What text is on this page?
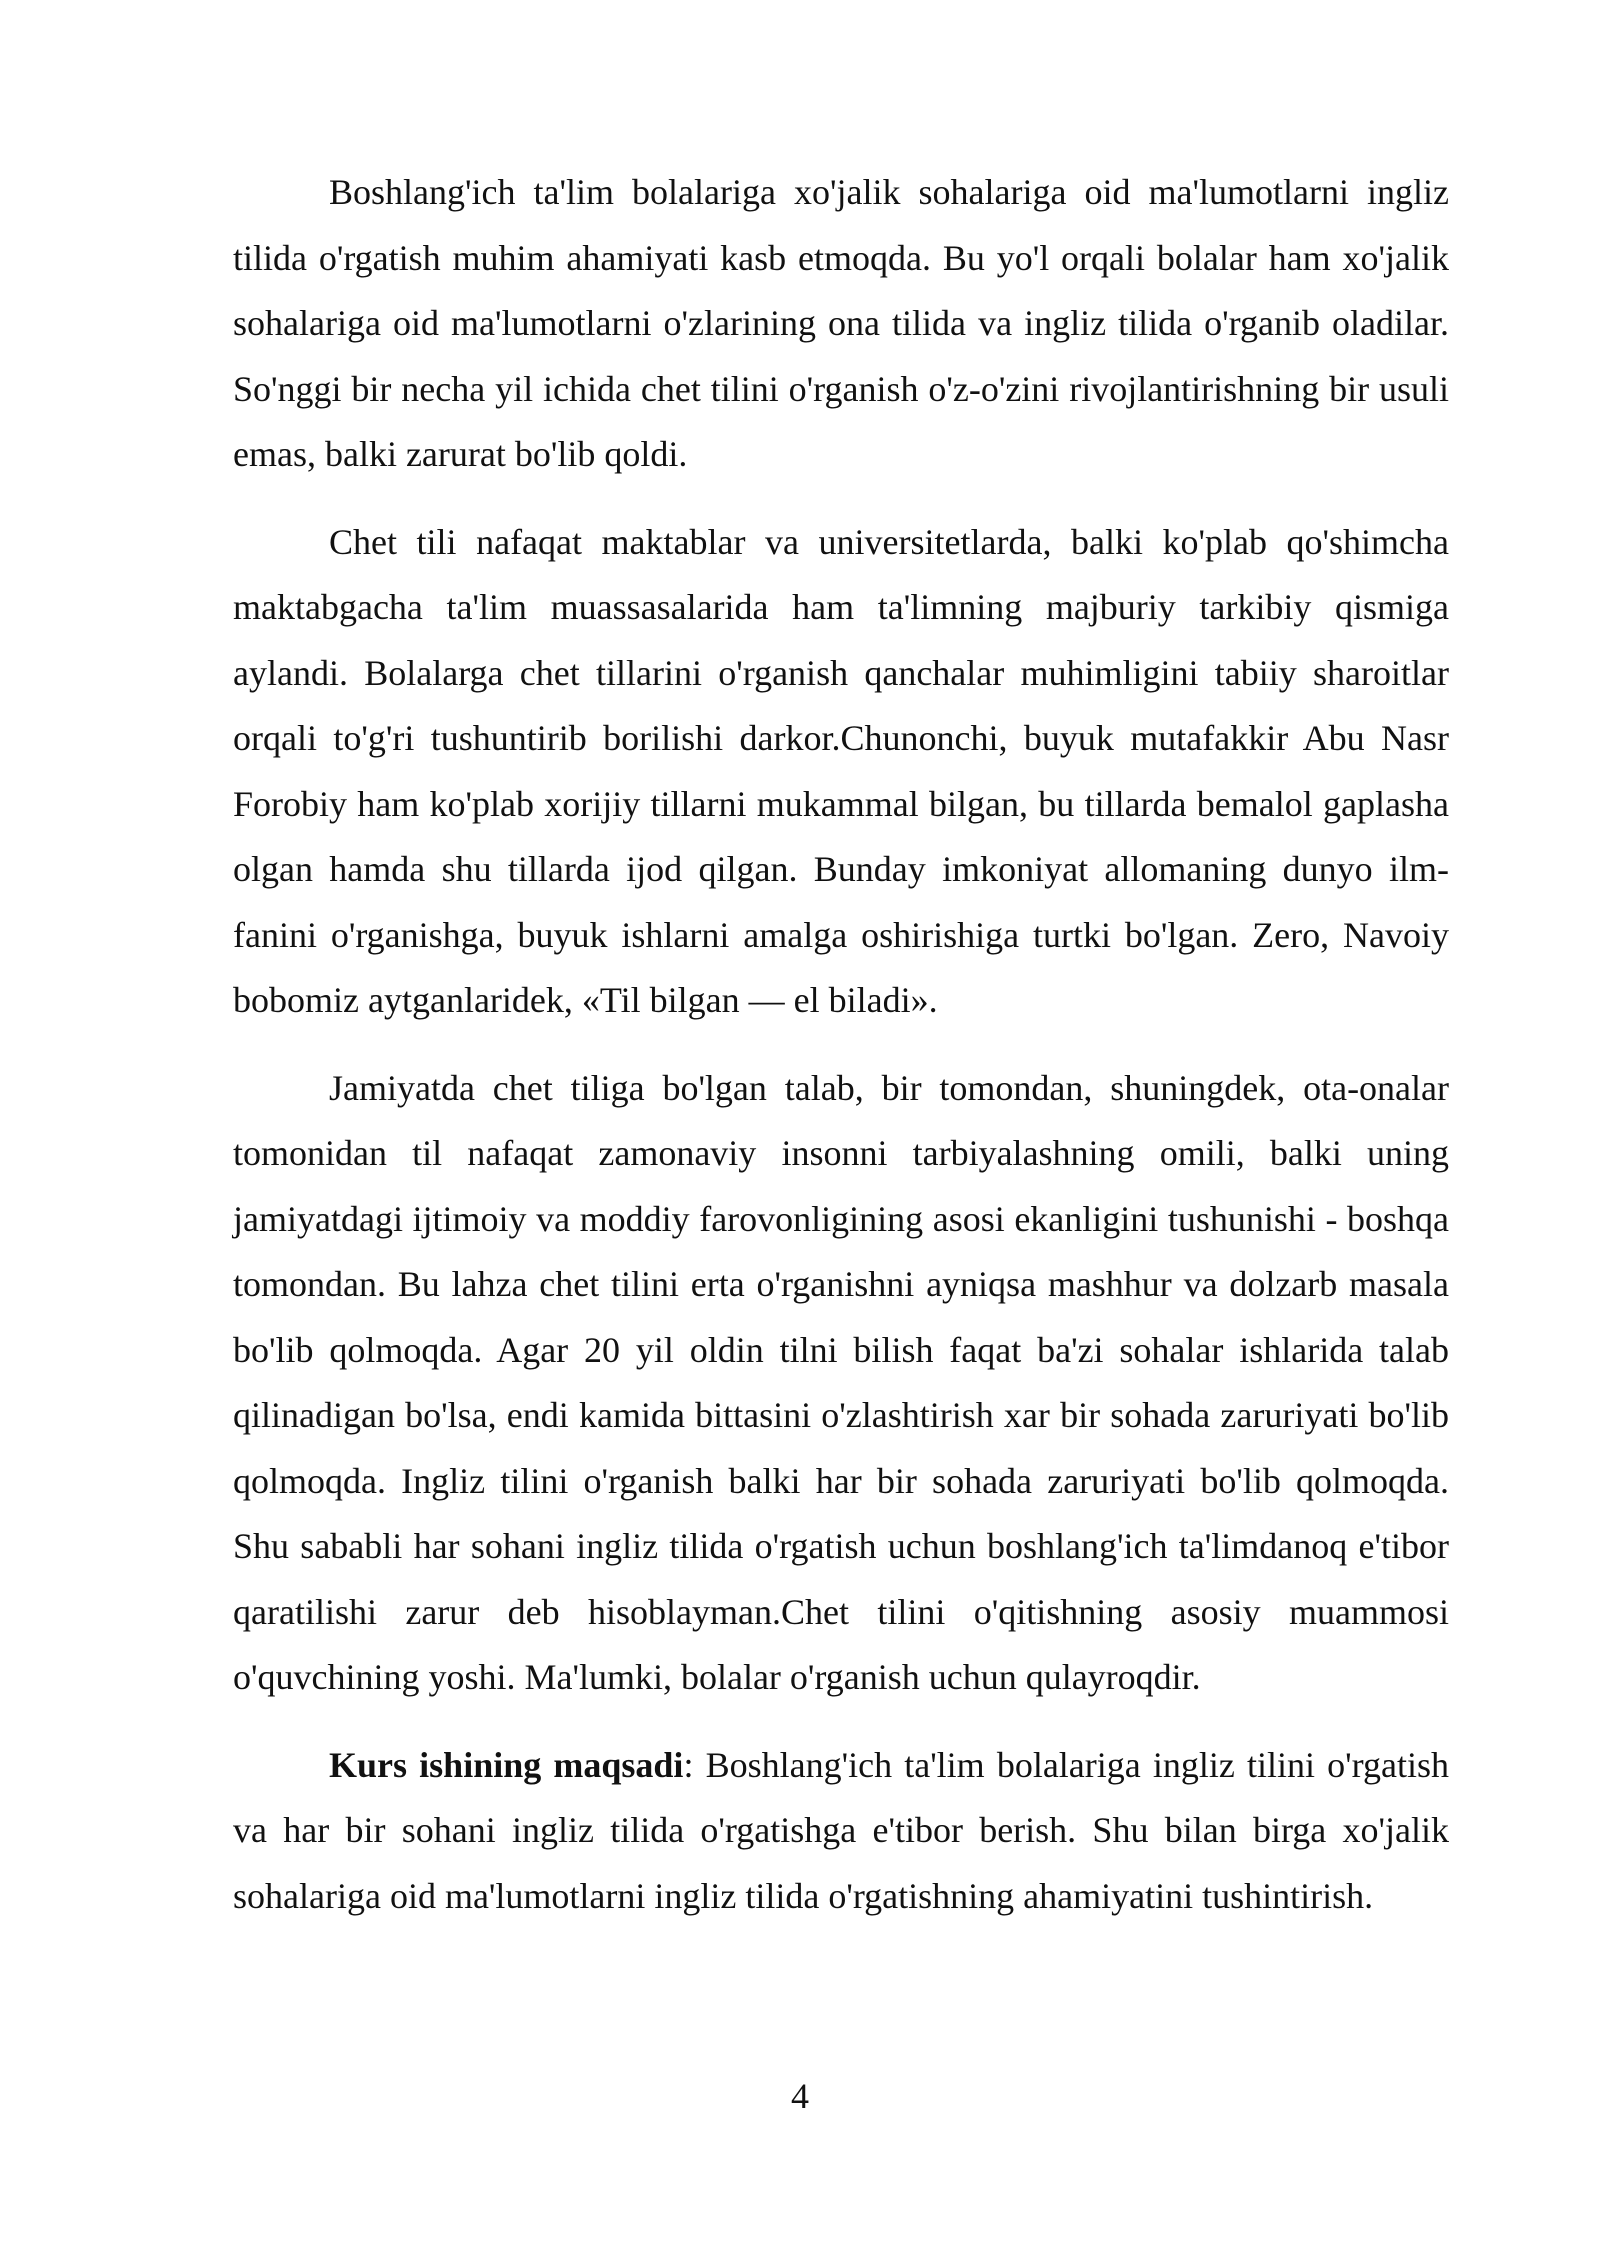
Boshlang'ich ta'lim bolalariga xo'jalik sohalariga oid ma'lumotlarni ingliz tilida o'rgatish muhim ahamiyati kasb etmoqda. Bu yo'l orqali bolalar ham xo'jalik sohalariga oid ma'lumotlarni o'zlarining ona tilida va ingliz tilida o'rganib oladilar. So'nggi bir necha yil ichida chet tilini o'rganish o'z-o'zini rivojlantirishning bir usuli emas, balki zarurat bo'lib qoldi.

Chet tili nafaqat maktablar va universitetlarda, balki ko'plab qo'shimcha maktabgacha ta'lim muassasalarida ham ta'limning majburiy tarkibiy qismiga aylandi. Bolalarga chet tillarini o'rganish qanchalar muhimligini tabiiy sharoitlar orqali to'g'ri tushuntirib borilishi darkor.Chunonchi, buyuk mutafakkir Abu Nasr Forobiy ham ko'plab xorijiy tillarni mukammal bilgan, bu tillarda bemalol gaplasha olgan hamda shu tillarda ijod qilgan. Bunday imkoniyat allomaning dunyo ilm- fanini o'rganishga, buyuk ishlarni amalga oshirishiga turtki bo'lgan. Zero, Navoiy bobomiz aytganlaridek, «Til bilgan — el biladi».

Jamiyatda chet tiliga bo'lgan talab, bir tomondan, shuningdek, ota-onalar tomonidan til nafaqat zamonaviy insonni tarbiyalashning omili, balki uning jamiyatdagi ijtimoiy va moddiy farovonligining asosi ekanligini tushunishi - boshqa tomondan. Bu lahza chet tilini erta o'rganishni ayniqsa mashhur va dolzarb masala bo'lib qolmoqda. Agar 20 yil oldin tilni bilish faqat ba'zi sohalar ishlarida talab qilinadigan bo'lsa, endi kamida bittasini o'zlashtirish xar bir sohada zaruriyati bo'lib qolmoqda. Ingliz tilini o'rganish balki har bir sohada zaruriyati bo'lib qolmoqda. Shu sababli har sohani ingliz tilida o'rgatish uchun boshlang'ich ta'limdanoq e'tibor qaratilishi zarur deb hisoblayman.Chet tilini o'qitishning asosiy muammosi o'quvchining yoshi. Ma'lumki, bolalar o'rganish uchun qulayroqdir.

Kurs ishining maqsadi: Boshlang'ich ta'lim bolalariga ingliz tilini o'rgatish va har bir sohani ingliz tilida o'rgatishga e'tibor berish. Shu bilan birga xo'jalik sohalariga oid ma'lumotlarni ingliz tilida o'rgatishning ahamiyatini tushintirish.

4
